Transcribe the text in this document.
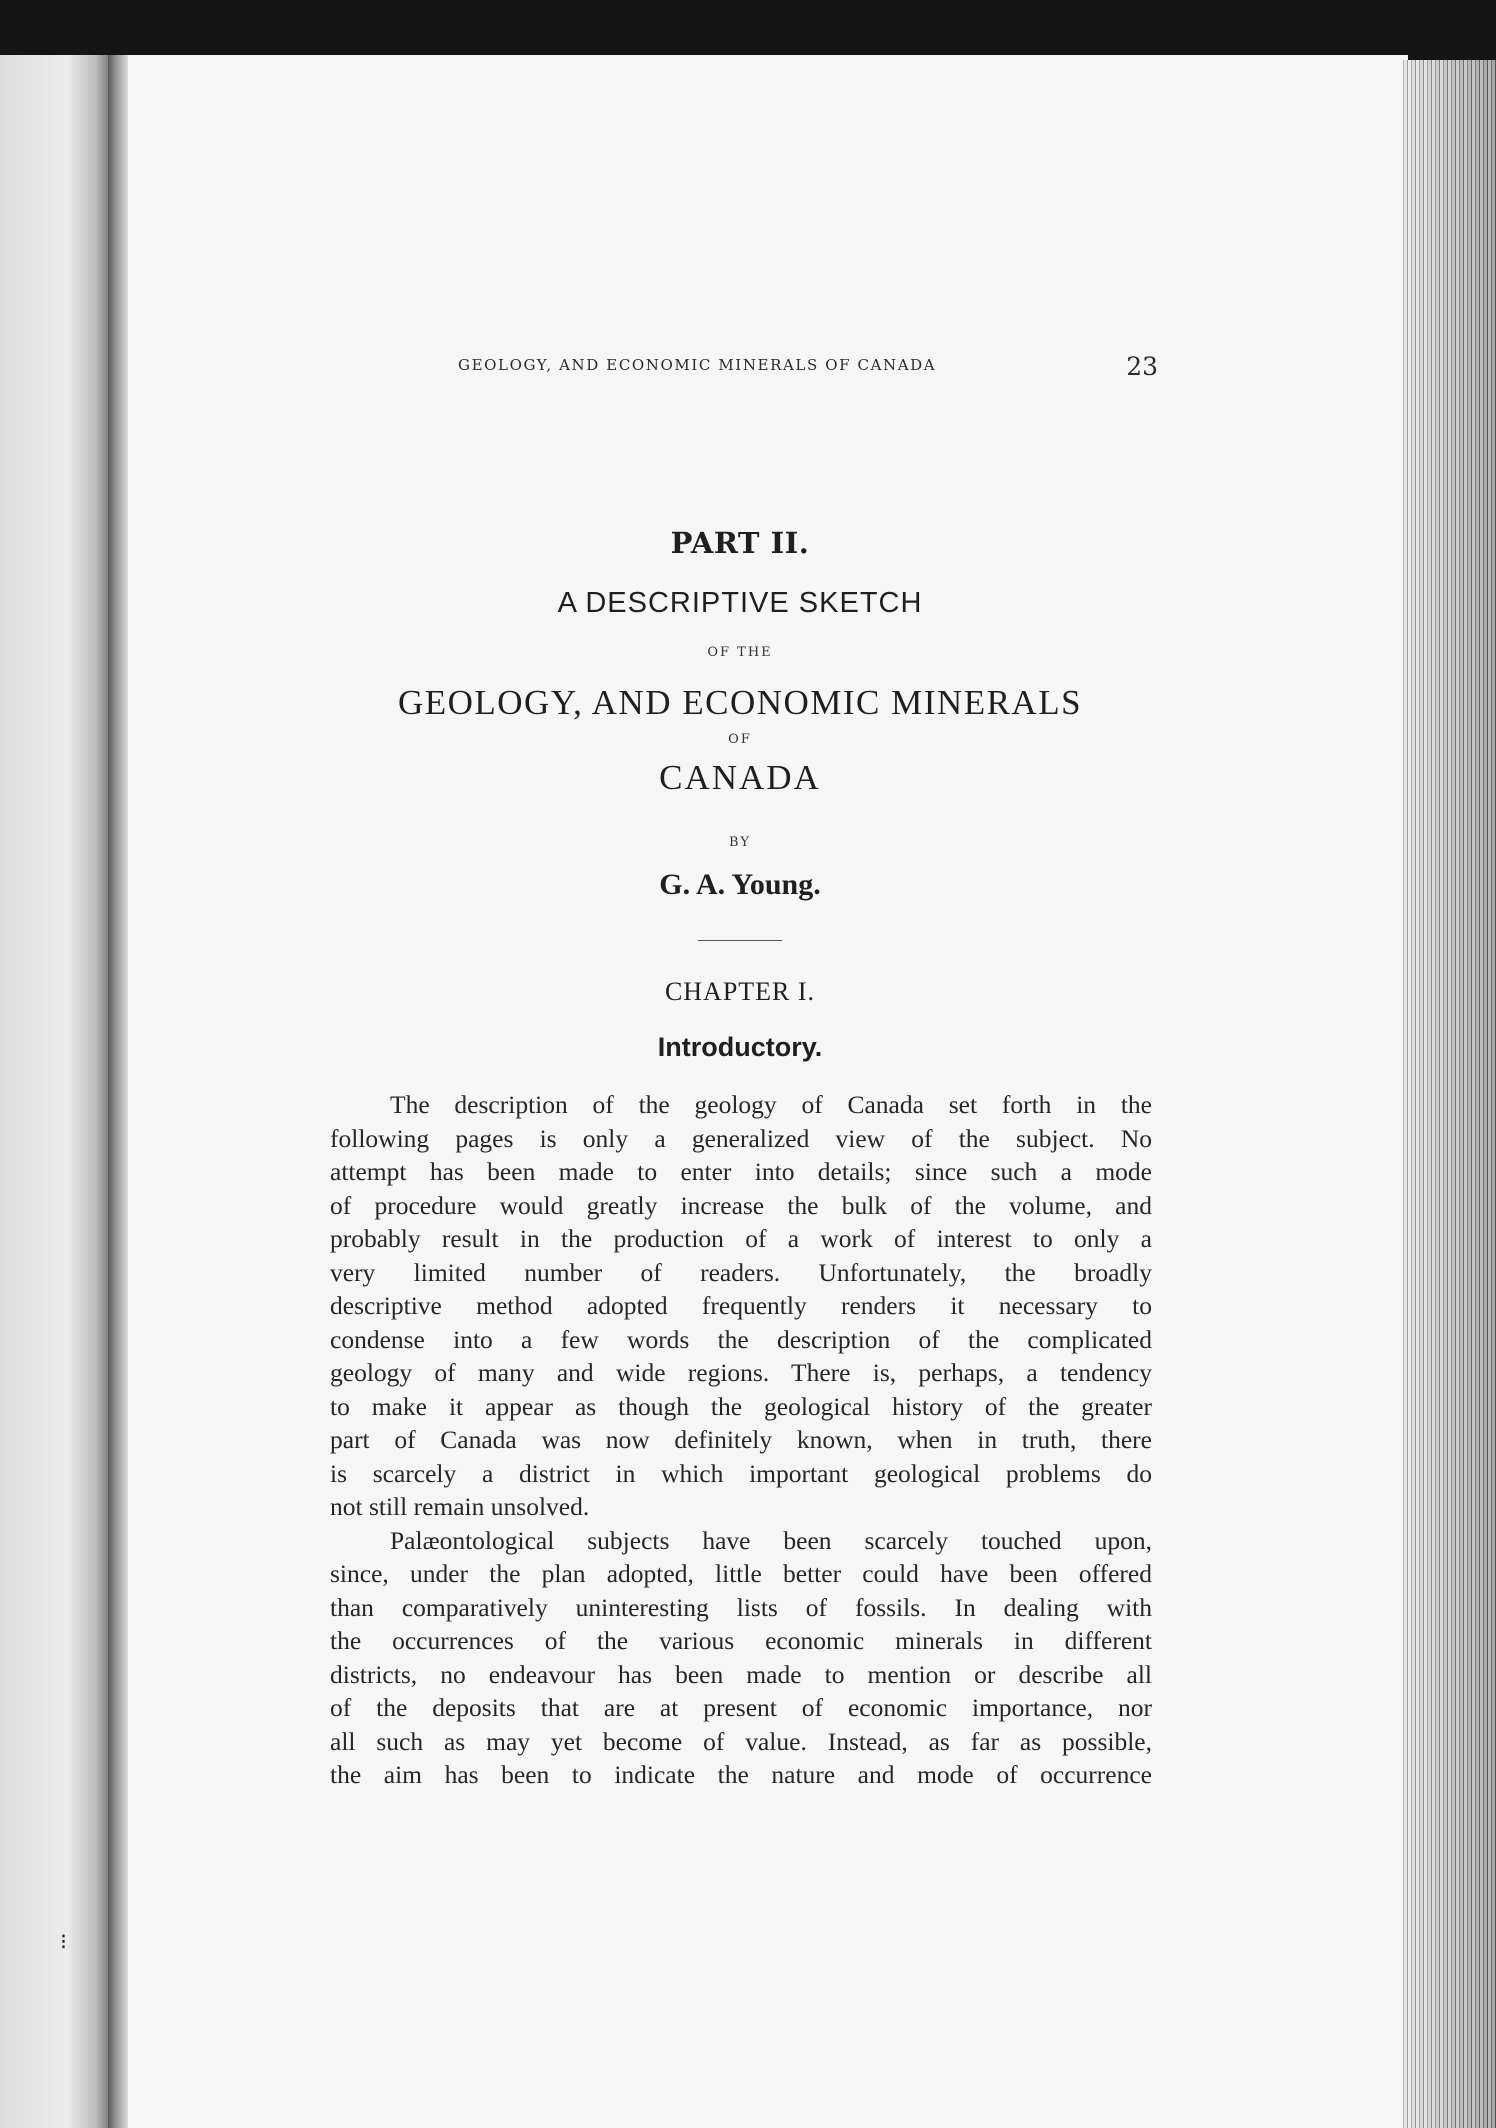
⁝
GEOLOGY, AND ECONOMIC MINERALS OF CANADA	23
PART II.
A DESCRIPTIVE SKETCH
OF THE
GEOLOGY, AND ECONOMIC MINERALS
OF
CANADA
BY
G. A. Young.
CHAPTER I.
Introductory.
The description of the geology of Canada set forth in the
following pages is only a generalized view of the subject. No
attempt has been made to enter into details; since such a mode
of procedure would greatly increase the bulk of the volume, and
probably result in the production of a work of interest to only a
very limited number of readers. Unfortunately, the broadly
descriptive method adopted frequently renders it necessary to
condense into a few words the description of the complicated
geology of many and wide regions. There is, perhaps, a tendency
to make it appear as though the geological history of the greater
part of Canada was now definitely known, when in truth, there
is scarcely a district in which important geological problems do
not still remain unsolved.
Palæontological subjects have been scarcely touched upon,
since, under the plan adopted, little better could have been offered
than comparatively uninteresting lists of fossils. In dealing with
the occurrences of the various economic minerals in different
districts, no endeavour has been made to mention or describe all
of the deposits that are at present of economic importance, nor
all such as may yet become of value. Instead, as far as possible,
the aim has been to indicate the nature and mode of occurrence
